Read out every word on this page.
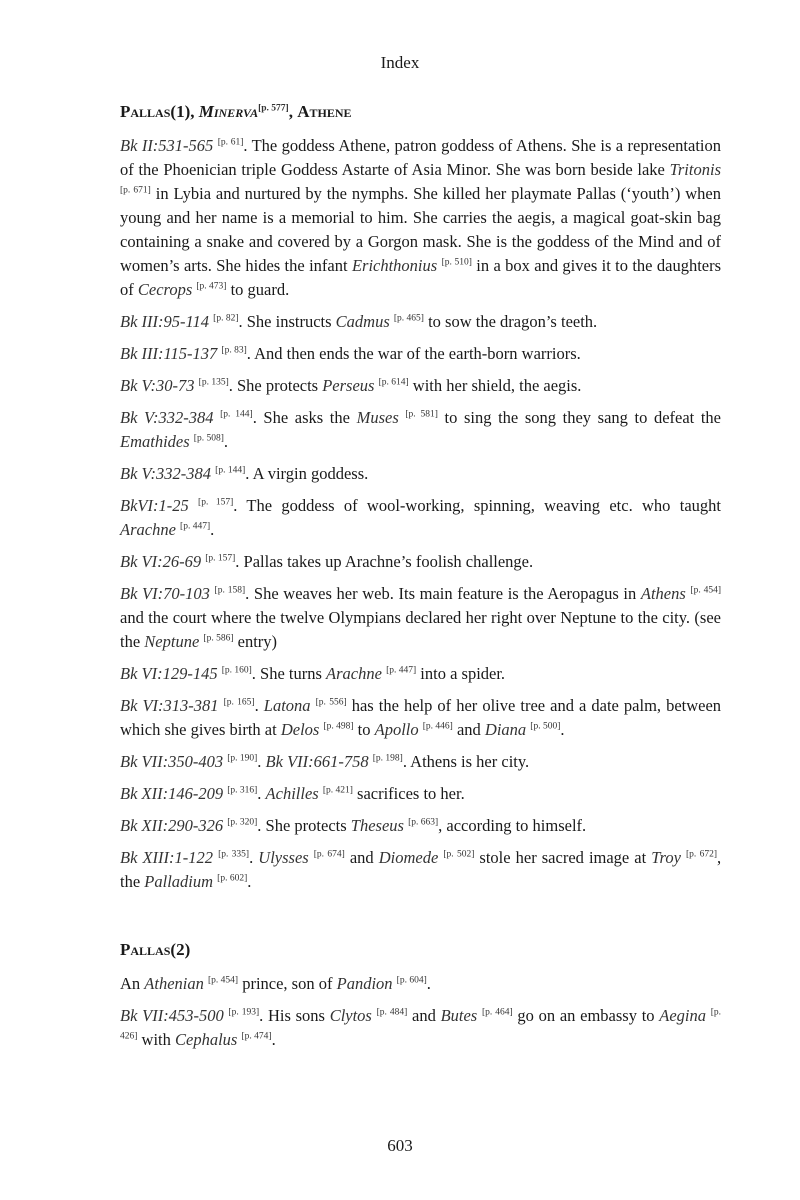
Index
Pallas(1), Minerva[p. 577], Athene

Bk II:531-565 [p. 61]. The goddess Athene, patron goddess of Athens. She is a representation of the Phoenician triple Goddess Astarte of Asia Minor. She was born beside lake Tritonis [p. 671] in Lybia and nurtured by the nymphs. She killed her playmate Pallas (‘youth’) when young and her name is a memorial to him. She carries the aegis, a magical goat-skin bag containing a snake and covered by a Gorgon mask. She is the goddess of the Mind and of women’s arts. She hides the infant Erichthonius [p. 510] in a box and gives it to the daughters of Cecrops [p. 473] to guard.

Bk III:95-114 [p. 82]. She instructs Cadmus [p. 465] to sow the dragon’s teeth.

Bk III:115-137 [p. 83]. And then ends the war of the earth-born warriors.

Bk V:30-73 [p. 135]. She protects Perseus [p. 614] with her shield, the aegis.

Bk V:332-384 [p. 144]. She asks the Muses [p. 581] to sing the song they sang to defeat the Emathides [p. 508].

Bk V:332-384 [p. 144]. A virgin goddess.

BkVI:1-25 [p. 157]. The goddess of wool-working, spinning, weaving etc. who taught Arachne [p. 447].

Bk VI:26-69 [p. 157]. Pallas takes up Arachne’s foolish challenge.

Bk VI:70-103 [p. 158]. She weaves her web. Its main feature is the Aeropagus in Athens [p. 454] and the court where the twelve Olympians declared her right over Neptune to the city. (see the Neptune [p. 586] entry)

Bk VI:129-145 [p. 160]. She turns Arachne [p. 447] into a spider.

Bk VI:313-381 [p. 165]. Latona [p. 556] has the help of her olive tree and a date palm, between which she gives birth at Delos [p. 498] to Apollo [p. 446] and Diana [p. 500].

Bk VII:350-403 [p. 190]. Bk VII:661-758 [p. 198]. Athens is her city.

Bk XII:146-209 [p. 316]. Achilles [p. 421] sacrifices to her.

Bk XII:290-326 [p. 320]. She protects Theseus [p. 663], according to himself.

Bk XIII:1-122 [p. 335]. Ulysses [p. 674] and Diomede [p. 502] stole her sacred image at Troy [p. 672], the Palladium [p. 602].

Pallas(2)

An Athenian [p. 454] prince, son of Pandion [p. 604].

Bk VII:453-500 [p. 193]. His sons Clytos [p. 484] and Butes [p. 464] go on an embassy to Aegina [p. 426] with Cephalus [p. 474].

603
